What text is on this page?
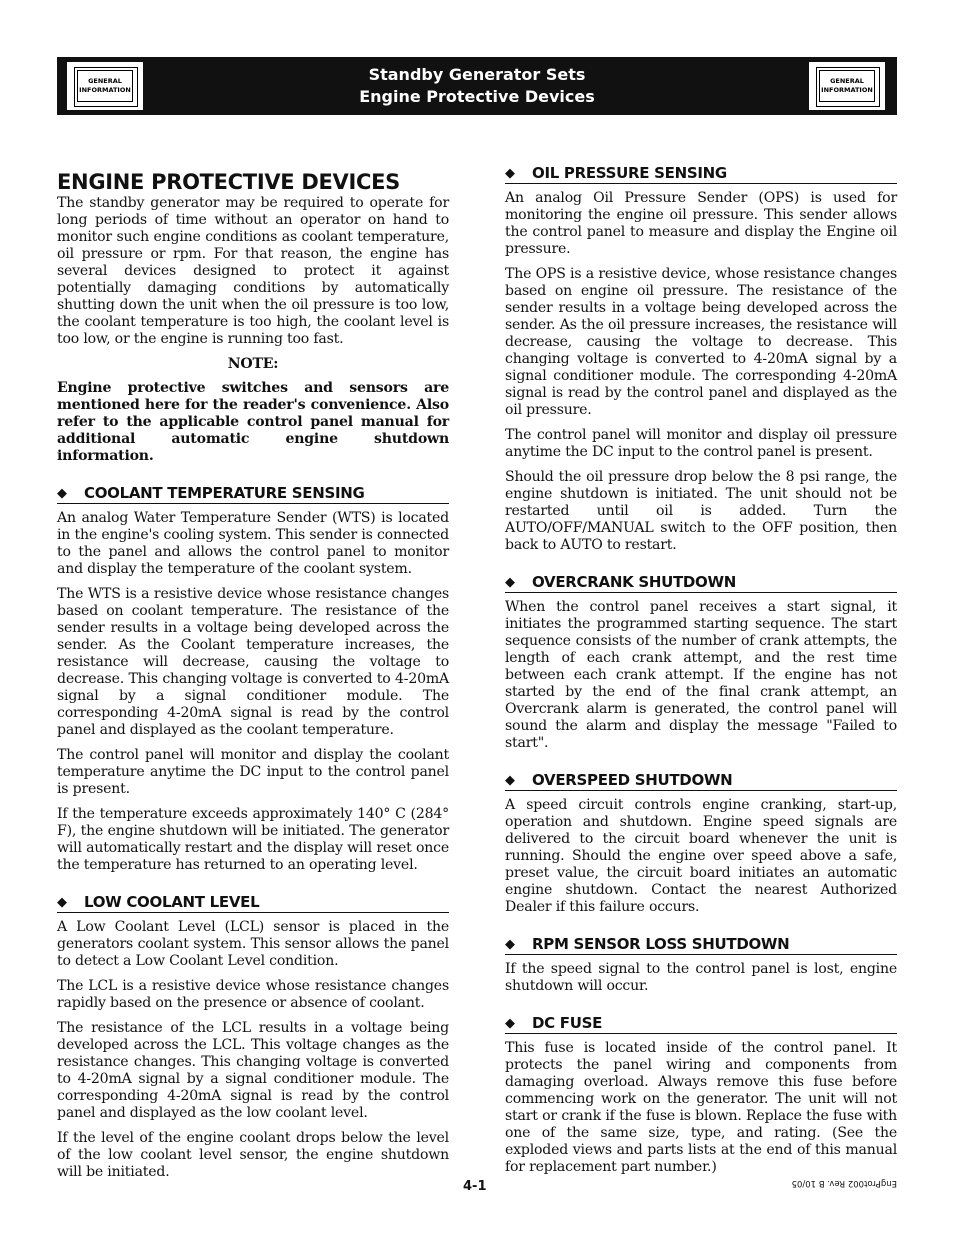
GENERAL
INFORMATION
Standby Generator Sets
Engine Protective Devices
GENERAL
INFORMATION
ENGINE PROTECTIVE DEVICES

The standby generator may be required to operate for long periods of time without an operator on hand to monitor such engine conditions as coolant temperature, oil pressure or rpm. For that reason, the engine has several devices designed to protect it against potentially damaging conditions by automatically shutting down the unit when the oil pressure is too low, the coolant temperature is too high, the coolant level is too low, or the engine is running too fast.

NOTE:

Engine protective switches and sensors are mentioned here for the reader's convenience. Also refer to the applicable control panel manual for additional automatic engine shutdown information.

◆ COOLANT TEMPERATURE SENSING

An analog Water Temperature Sender (WTS) is located in the engine's cooling system. This sender is connected to the panel and allows the control panel to monitor and display the temperature of the coolant system.

The WTS is a resistive device whose resistance changes based on coolant temperature. The resistance of the sender results in a voltage being developed across the sender. As the Coolant temperature increases, the resistance will decrease, causing the voltage to decrease. This changing voltage is converted to 4-20mA signal by a signal conditioner module. The corresponding 4-20mA signal is read by the control panel and displayed as the coolant temperature.

The control panel will monitor and display the coolant temperature anytime the DC input to the control panel is present.

If the temperature exceeds approximately 140° C (284° F), the engine shutdown will be initiated. The generator will automatically restart and the display will reset once the temperature has returned to an operating level.

◆ LOW COOLANT LEVEL

A Low Coolant Level (LCL) sensor is placed in the generators coolant system. This sensor allows the panel to detect a Low Coolant Level condition.

The LCL is a resistive device whose resistance changes rapidly based on the presence or absence of coolant.

The resistance of the LCL results in a voltage being developed across the LCL. This voltage changes as the resistance changes. This changing voltage is converted to 4-20mA signal by a signal conditioner module. The corresponding 4-20mA signal is read by the control panel and displayed as the low coolant level.

If the level of the engine coolant drops below the level of the low coolant level sensor, the engine shutdown will be initiated.

◆ OIL PRESSURE SENSING

An analog Oil Pressure Sender (OPS) is used for monitoring the engine oil pressure. This sender allows the control panel to measure and display the Engine oil pressure.

The OPS is a resistive device, whose resistance changes based on engine oil pressure. The resistance of the sender results in a voltage being developed across the sender. As the oil pressure increases, the resistance will decrease, causing the voltage to decrease. This changing voltage is converted to 4-20mA signal by a signal conditioner module. The corresponding 4-20mA signal is read by the control panel and displayed as the oil pressure.

The control panel will monitor and display oil pressure anytime the DC input to the control panel is present.

Should the oil pressure drop below the 8 psi range, the engine shutdown is initiated. The unit should not be restarted until oil is added. Turn the AUTO/OFF/MANUAL switch to the OFF position, then back to AUTO to restart.

◆ OVERCRANK SHUTDOWN

When the control panel receives a start signal, it initiates the programmed starting sequence. The start sequence consists of the number of crank attempts, the length of each crank attempt, and the rest time between each crank attempt. If the engine has not started by the end of the final crank attempt, an Overcrank alarm is generated, the control panel will sound the alarm and display the message "Failed to start".

◆ OVERSPEED SHUTDOWN

A speed circuit controls engine cranking, start-up, operation and shutdown. Engine speed signals are delivered to the circuit board whenever the unit is running. Should the engine over speed above a safe, preset value, the circuit board initiates an automatic engine shutdown. Contact the nearest Authorized Dealer if this failure occurs.

◆ RPM SENSOR LOSS SHUTDOWN

If the speed signal to the control panel is lost, engine shutdown will occur.

◆ DC FUSE

This fuse is located inside of the control panel. It protects the panel wiring and components from damaging overload. Always remove this fuse before commencing work on the generator. The unit will not start or crank if the fuse is blown. Replace the fuse with one of the same size, type, and rating. (See the exploded views and parts lists at the end of this manual for replacement part number.)

4-1	EngProt002 Rev. B 10/05
